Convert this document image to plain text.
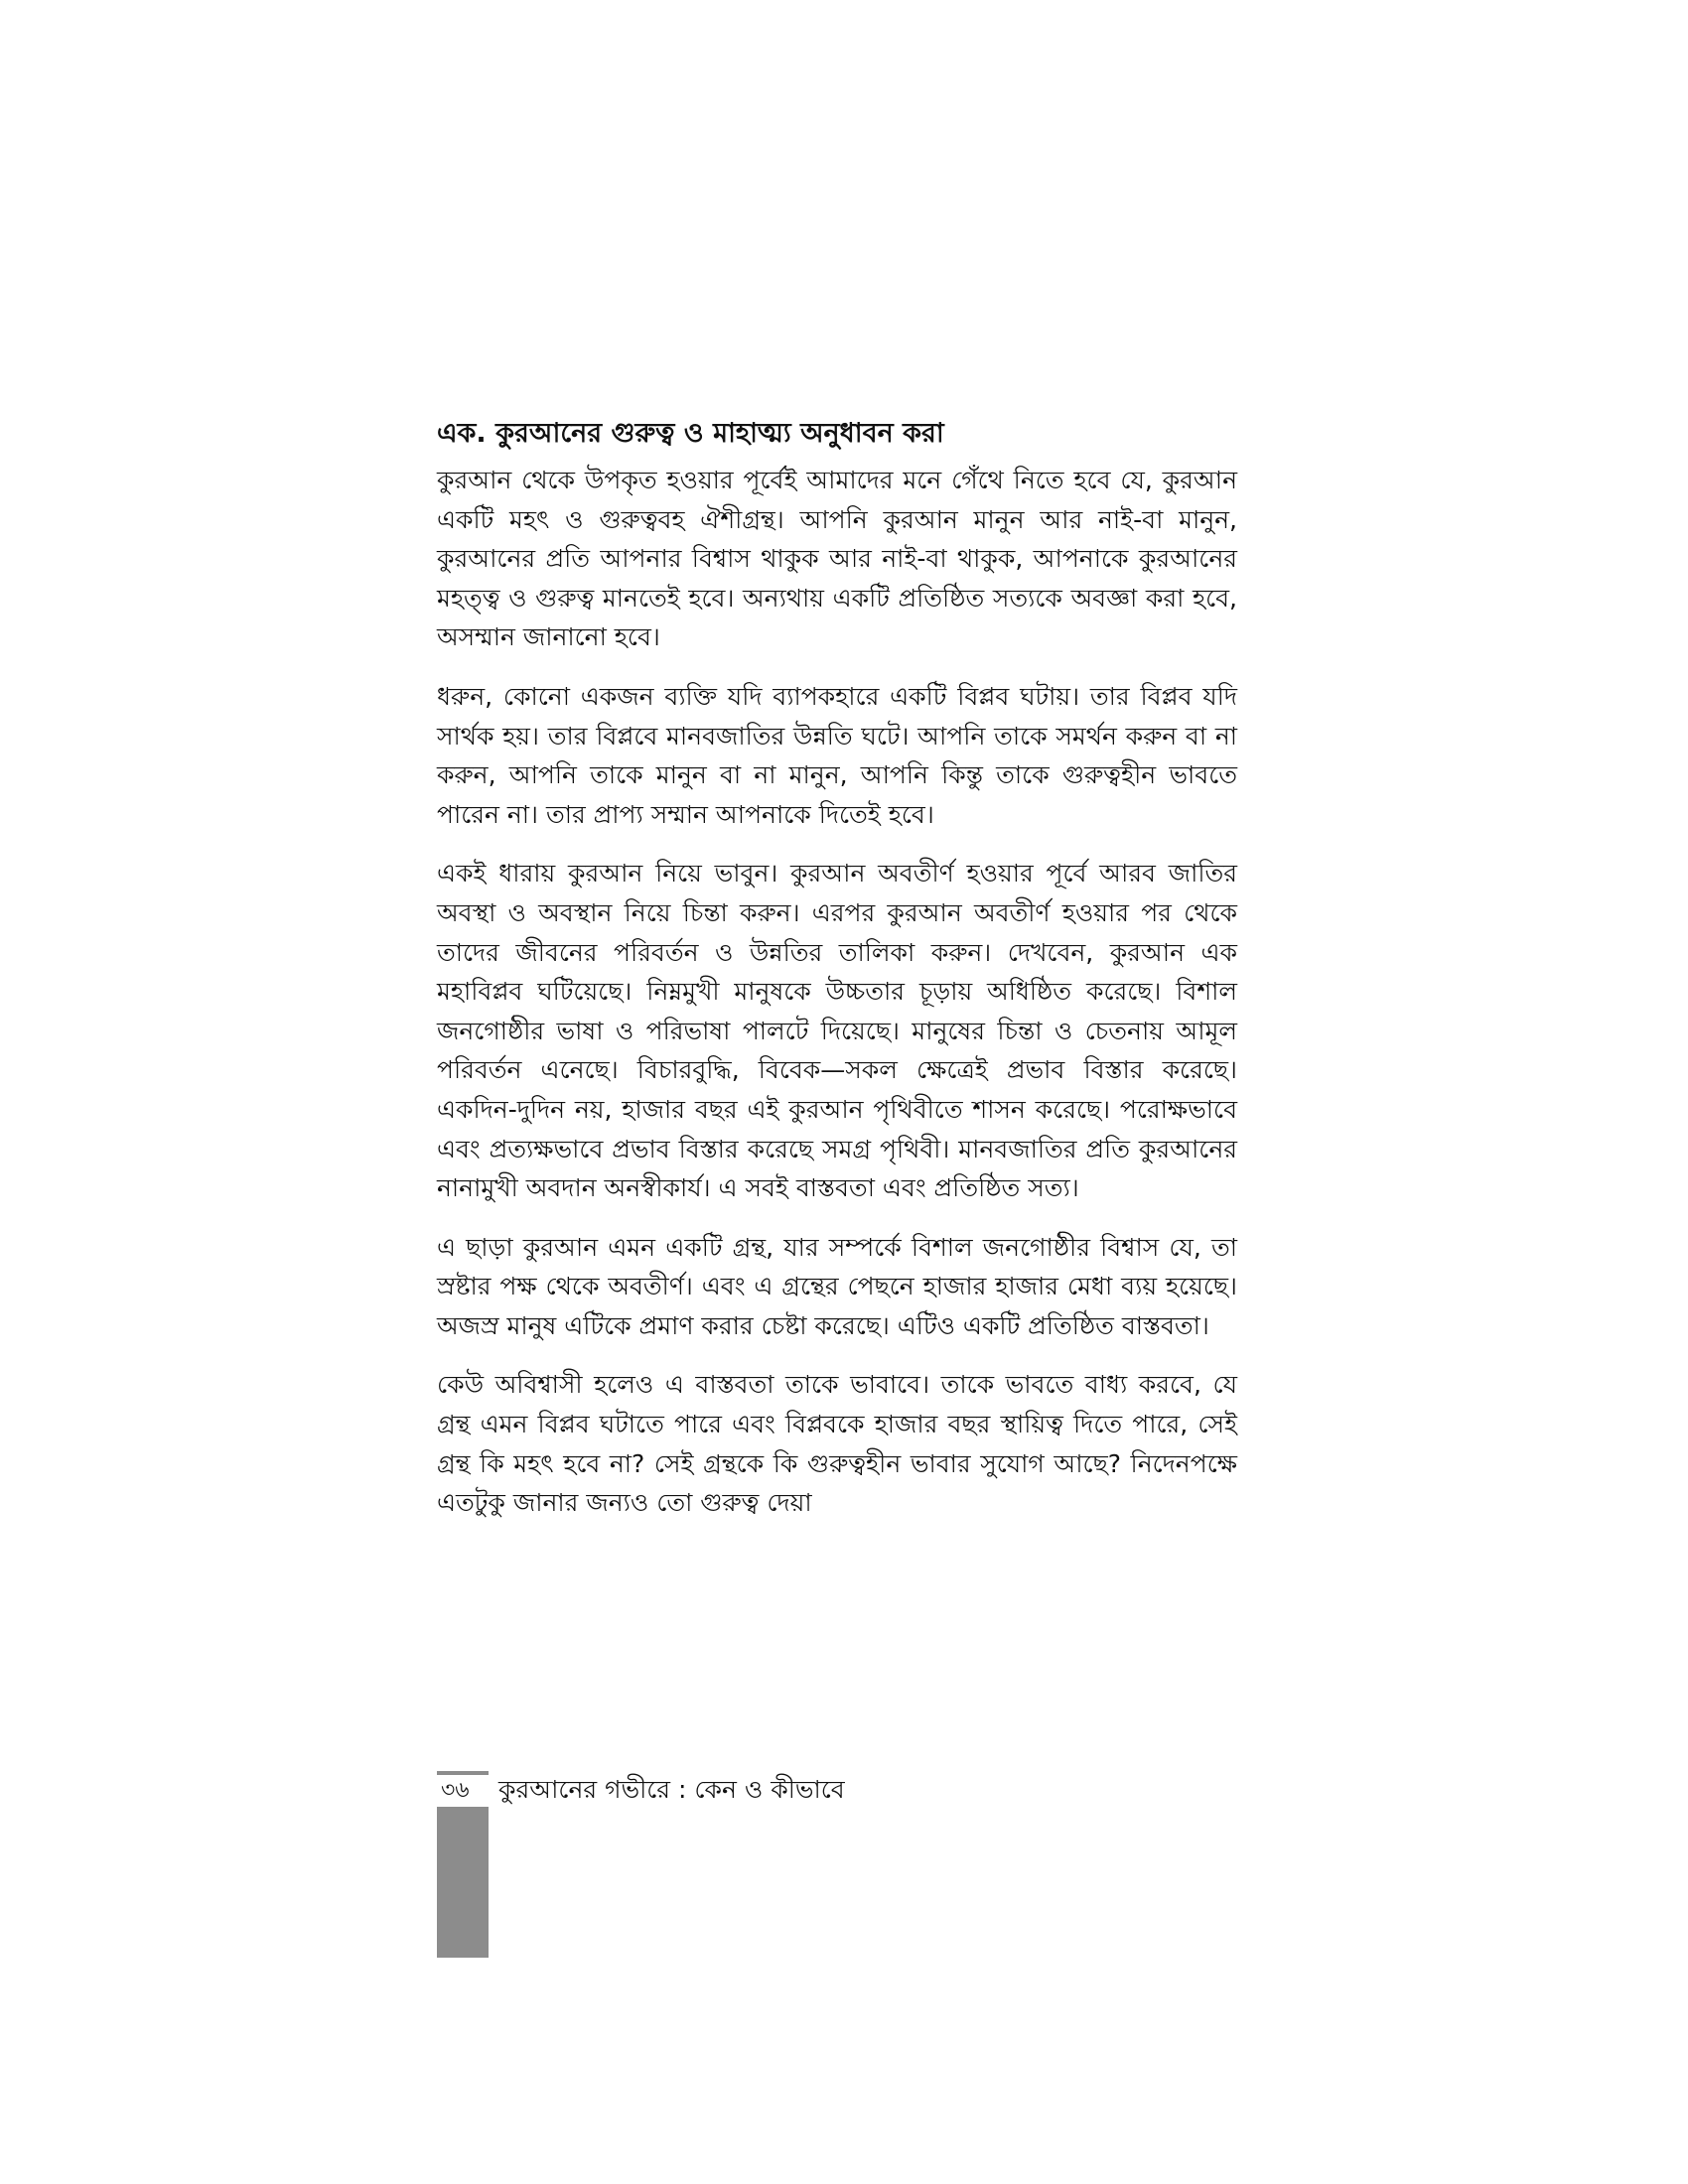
এক. কুরআনের গুরুত্ব ও মাহাত্ম্য অনুধাবন করা

কুরআন থেকে উপকৃত হওয়ার পূর্বেই আমাদের মনে গেঁথে নিতে হবে যে, কুরআন একটি মহৎ ও গুরুত্ববহ ঐশীগ্রন্থ। আপনি কুরআন মানুন আর নাই-বা মানুন, কুরআনের প্রতি আপনার বিশ্বাস থাকুক আর নাই-বা থাকুক, আপনাকে কুরআনের মহত্ত্ব ও গুরুত্ব মানতেই হবে। অন্যথায় একটি প্রতিষ্ঠিত সত্যকে অবজ্ঞা করা হবে, অসম্মান জানানো হবে।

ধরুন, কোনো একজন ব্যক্তি যদি ব্যাপকহারে একটি বিপ্লব ঘটায়। তার বিপ্লব যদি সার্থক হয়। তার বিপ্লবে মানবজাতির উন্নতি ঘটে। আপনি তাকে সমর্থন করুন বা না করুন, আপনি তাকে মানুন বা না মানুন, আপনি কিন্তু তাকে গুরুত্বহীন ভাবতে পারেন না। তার প্রাপ্য সম্মান আপনাকে দিতেই হবে।

একই ধারায় কুরআন নিয়ে ভাবুন। কুরআন অবতীর্ণ হওয়ার পূর্বে আরব জাতির অবস্থা ও অবস্থান নিয়ে চিন্তা করুন। এরপর কুরআন অবতীর্ণ হওয়ার পর থেকে তাদের জীবনের পরিবর্তন ও উন্নতির তালিকা করুন। দেখবেন, কুরআন এক মহাবিপ্লব ঘটিয়েছে। নিম্নমুখী মানুষকে উচ্চতার চূড়ায় অধিষ্ঠিত করেছে। বিশাল জনগোষ্ঠীর ভাষা ও পরিভাষা পালটে দিয়েছে। মানুষের চিন্তা ও চেতনায় আমূল পরিবর্তন এনেছে। বিচারবুদ্ধি, বিবেক—সকল ক্ষেত্রেই প্রভাব বিস্তার করেছে। একদিন-দুদিন নয়, হাজার বছর এই কুরআন পৃথিবীতে শাসন করেছে। পরোক্ষভাবে এবং প্রত্যক্ষভাবে প্রভাব বিস্তার করেছে সমগ্র পৃথিবী। মানবজাতির প্রতি কুরআনের নানামুখী অবদান অনস্বীকার্য। এ সবই বাস্তবতা এবং প্রতিষ্ঠিত সত্য।

এ ছাড়া কুরআন এমন একটি গ্রন্থ, যার সম্পর্কে বিশাল জনগোষ্ঠীর বিশ্বাস যে, তা স্রষ্টার পক্ষ থেকে অবতীর্ণ। এবং এ গ্রন্থের পেছনে হাজার হাজার মেধা ব্যয় হয়েছে। অজস্র মানুষ এটিকে প্রমাণ করার চেষ্টা করেছে। এটিও একটি প্রতিষ্ঠিত বাস্তবতা।

কেউ অবিশ্বাসী হলেও এ বাস্তবতা তাকে ভাবাবে। তাকে ভাবতে বাধ্য করবে, যে গ্রন্থ এমন বিপ্লব ঘটাতে পারে এবং বিপ্লবকে হাজার বছর স্থায়িত্ব দিতে পারে, সেই গ্রন্থ কি মহৎ হবে না? সেই গ্রন্থকে কি গুরুত্বহীন ভাবার সুযোগ আছে? নিদেনপক্ষে এতটুকু জানার জন্যও তো গুরুত্ব দেয়া

৩৬ কুরআনের গভীরে : কেন ও কীভাবে
